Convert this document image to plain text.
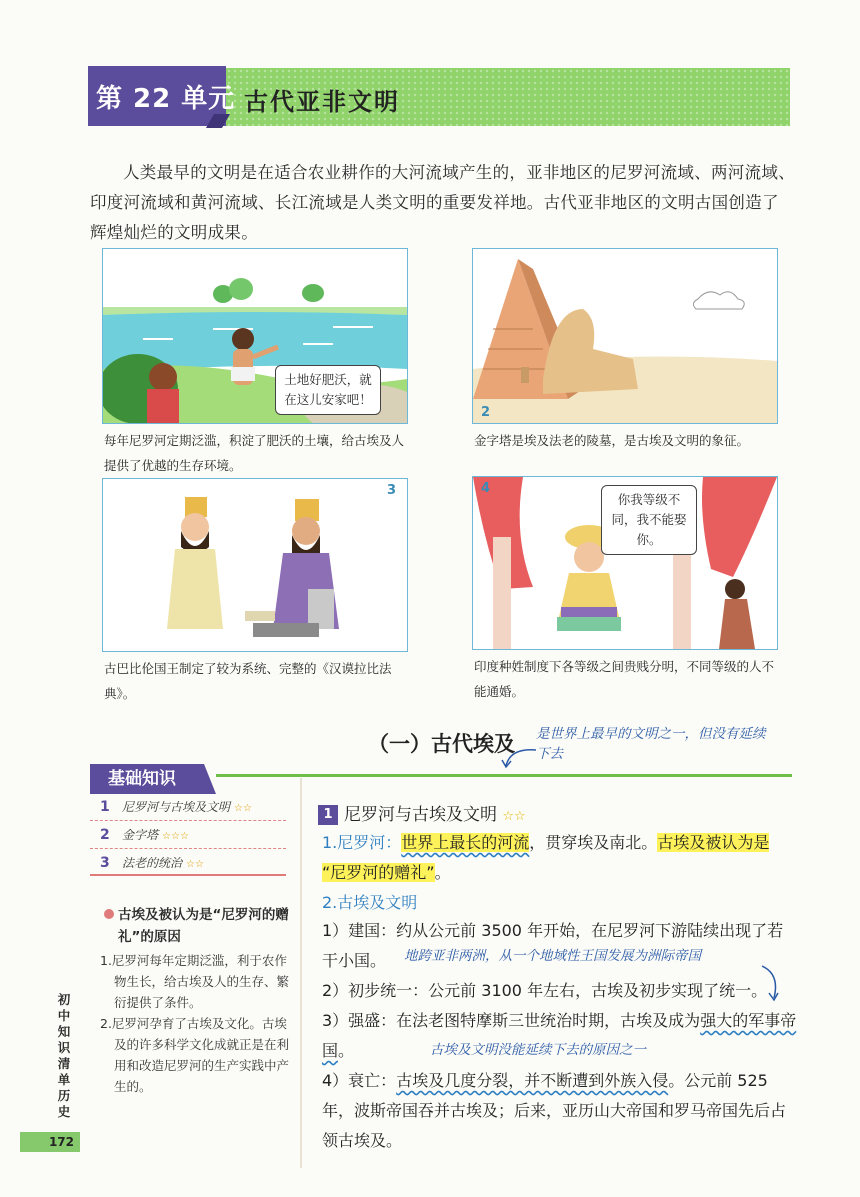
第 22 单元 古代亚非文明
人类最早的文明是在适合农业耕作的大河流域产生的，亚非地区的尼罗河流域、两河流域、印度河流域和黄河流域、长江流域是人类文明的重要发祥地。古代亚非地区的文明古国创造了辉煌灿烂的文明成果。
土地好肥沃，就在这儿安家吧！
每年尼罗河定期泛滥，积淀了肥沃的土壤，给古埃及人提供了优越的生存环境。
2
金字塔是埃及法老的陵墓，是古埃及文明的象征。
3
古巴比伦国王制定了较为系统、完整的《汉谟拉比法典》。
4
你我等级不同，我不能娶你。
印度种姓制度下各等级之间贵贱分明，不同等级的人不能通婚。
（一）古代埃及 是世界上最早的文明之一，但没有延续下去
基础知识
1 尼罗河与古埃及文明 ☆☆
2 金字塔 ☆☆☆
3 法老的统治 ☆☆
古埃及被认为是“尼罗河的赠礼”的原因
1.尼罗河每年定期泛滥，利于农作物生长，给古埃及人的生存、繁衍提供了条件。
2.尼罗河孕育了古埃及文化。古埃及的许多科学文化成就正是在利用和改造尼罗河的生产实践中产生的。
初中知识清单 历史
172
1 尼罗河与古埃及文明 ☆☆
1.尼罗河：世界上最长的河流，贯穿埃及南北。古埃及被认为是
“尼罗河的赠礼”。
2.古埃及文明
1）建国：约从公元前 3500 年开始，在尼罗河下游陆续出现了若干小国。	地跨亚非两洲，从一个地域性王国发展为洲际帝国
2）初步统一：公元前 3100 年左右，古埃及初步实现了统一。
3）强盛：在法老图特摩斯三世统治时期，古埃及成为强大的军事帝国。	古埃及文明没能延续下去的原因之一
4）衰亡：古埃及几度分裂，并不断遭到外族入侵。公元前 525 年，波斯帝国吞并古埃及；后来，亚历山大帝国和罗马帝国先后占领古埃及。
